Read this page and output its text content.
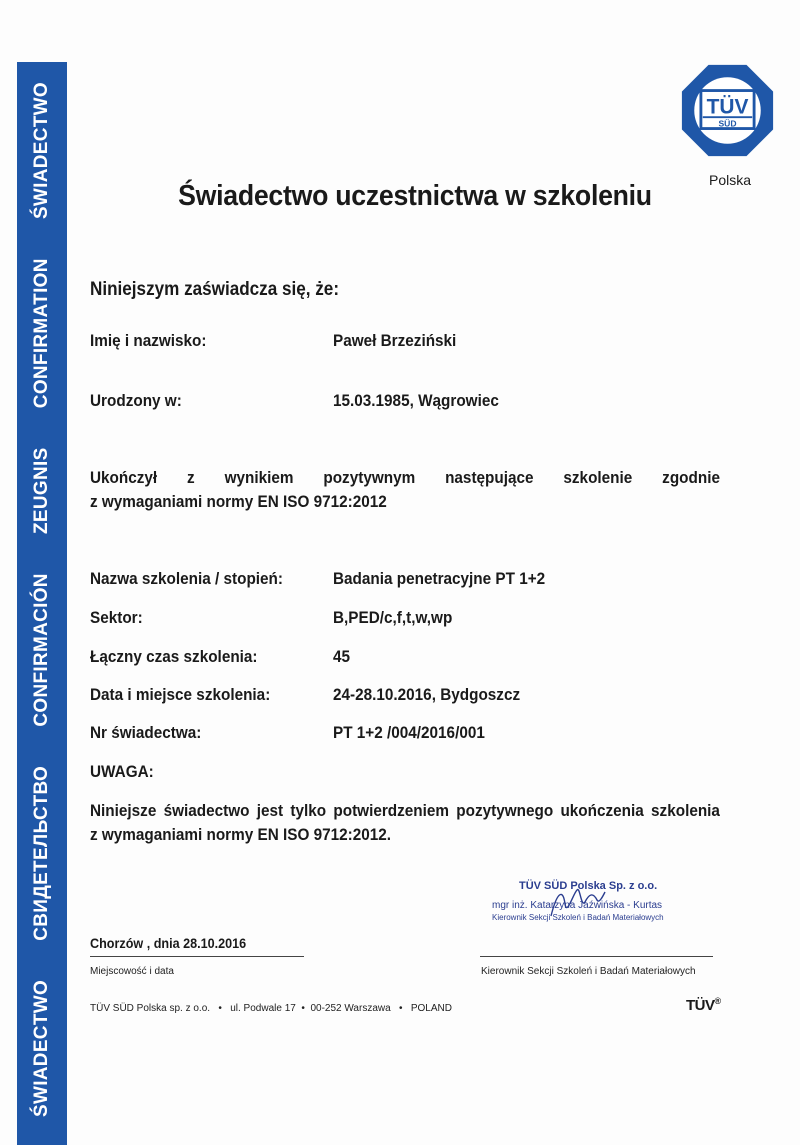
ŚWIADECTWO
СВИДЕТЕЛЬСТВО
CONFIRMACIÓN
ZEUGNIS
CONFIRMATION
ŚWIADECTWO	TÜV
SÜD
Polska
Świadectwo uczestnictwa w szkoleniu
Niniejszym zaświadcza się, że:
Imię i nazwisko:	Paweł Brzeziński
Urodzony w:	15.03.1985, Wągrowiec
Ukończył z wynikiem pozytywnym następujące szkolenie zgodnie
z wymaganiami normy EN ISO 9712:2012
Nazwa szkolenia / stopień:	Badania penetracyjne PT 1+2
Sektor:	B,PED/c,f,t,w,wp
Łączny czas szkolenia:	45
Data i miejsce szkolenia:	24-28.10.2016, Bydgoszcz
Nr świadectwa:	PT 1+2 /004/2016/001
UWAGA:
Niniejsze świadectwo jest tylko potwierdzeniem pozytywnego ukończenia szkolenia
z wymaganiami normy EN ISO 9712:2012.
TÜV SÜD Polska Sp. z o.o.
mgr inż. Katarzyna Jaźwińska - Kurtas
Kierownik Sekcji Szkoleń i Badań Materiałowych
Chorzów , dnia 28.10.2016
Miejscowość i data	Kierownik Sekcji Szkoleń i Badań Materiałowych
TÜV SÜD Polska sp. z o.o.   •   ul. Podwale 17  •  00-252 Warszawa   •   POLAND	TÜV®
